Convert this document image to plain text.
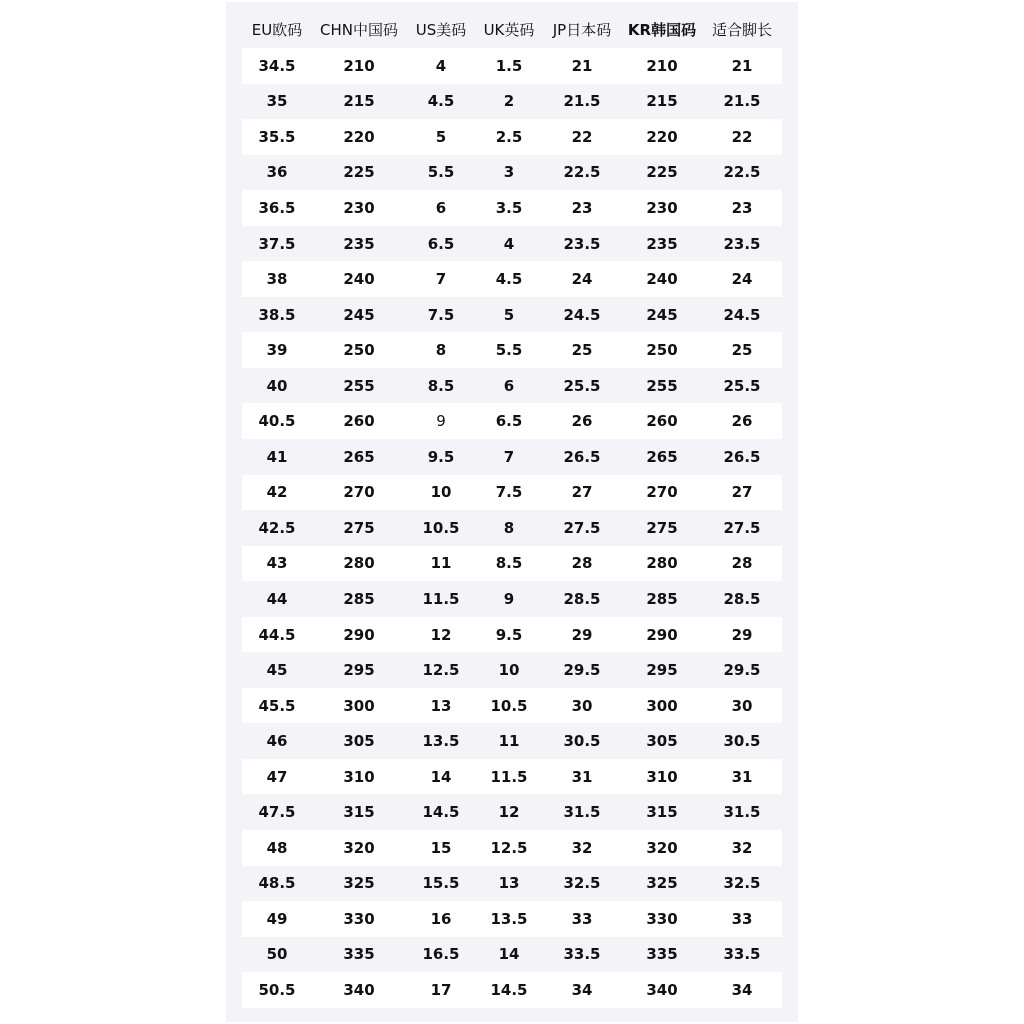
EU欧码	CHN中国码	US美码	UK英码	JP日本码	KR韩国码	适合脚长
34.5	210	4	1.5	21	210	21
35	215	4.5	2	21.5	215	21.5
35.5	220	5	2.5	22	220	22
36	225	5.5	3	22.5	225	22.5
36.5	230	6	3.5	23	230	23
37.5	235	6.5	4	23.5	235	23.5
38	240	7	4.5	24	240	24
38.5	245	7.5	5	24.5	245	24.5
39	250	8	5.5	25	250	25
40	255	8.5	6	25.5	255	25.5
40.5	260	9	6.5	26	260	26
41	265	9.5	7	26.5	265	26.5
42	270	10	7.5	27	270	27
42.5	275	10.5	8	27.5	275	27.5
43	280	11	8.5	28	280	28
44	285	11.5	9	28.5	285	28.5
44.5	290	12	9.5	29	290	29
45	295	12.5	10	29.5	295	29.5
45.5	300	13	10.5	30	300	30
46	305	13.5	11	30.5	305	30.5
47	310	14	11.5	31	310	31
47.5	315	14.5	12	31.5	315	31.5
48	320	15	12.5	32	320	32
48.5	325	15.5	13	32.5	325	32.5
49	330	16	13.5	33	330	33
50	335	16.5	14	33.5	335	33.5
50.5	340	17	14.5	34	340	34
